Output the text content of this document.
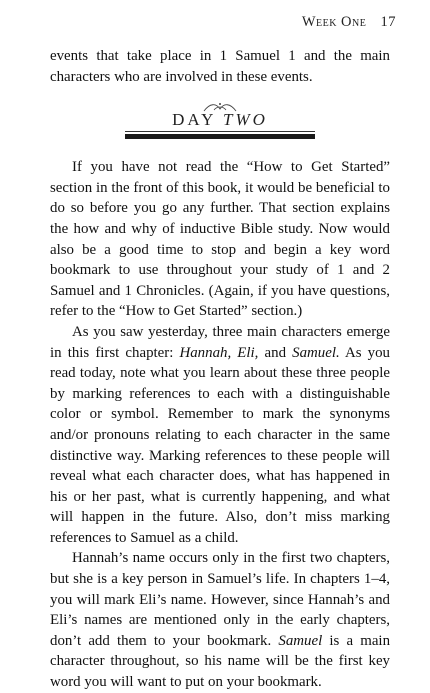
Week One 17

events that take place in 1 Samuel 1 and the main characters who are involved in these events.

DAY TWO

If you have not read the “How to Get Started” section in the front of this book, it would be beneficial to do so before you go any further. That section explains the how and why of inductive Bible study. Now would also be a good time to stop and begin a key word bookmark to use throughout your study of 1 and 2 Samuel and 1 Chronicles. (Again, if you have questions, refer to the “How to Get Started” section.)

As you saw yesterday, three main characters emerge in this first chapter: Hannah, Eli, and Samuel. As you read today, note what you learn about these three people by marking references to each with a distinguishable color or symbol. Remember to mark the synonyms and/or pronouns relating to each character in the same distinctive way. Marking references to these people will reveal what each character does, what has happened in his or her past, what is currently happening, and what will happen in the future. Also, don’t miss marking references to Samuel as a child.

Hannah’s name occurs only in the first two chapters, but she is a key person in Samuel’s life. In chapters 1–4, you will mark Eli’s name. However, since Hannah’s and Eli’s names are mentioned only in the early chapters, don’t add them to your bookmark. Samuel is a main character throughout, so his name will be the first key word you will want to put on your bookmark.
